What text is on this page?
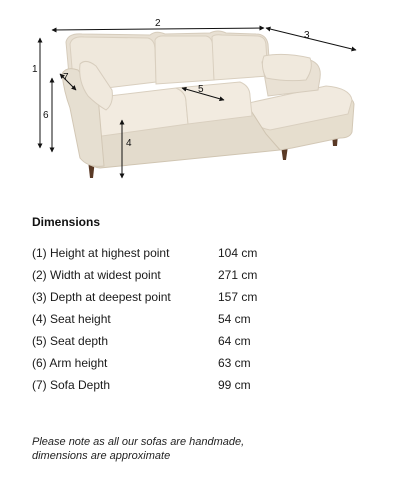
1
2
3
4
5
6
7
Dimensions
(1) Height at highest point	104 cm
(2) Width at widest point	271 cm
(3) Depth at deepest point	157 cm
(4) Seat height	54 cm
(5) Seat depth	64 cm
(6) Arm height	63 cm
(7) Sofa Depth	99 cm
Please note as all our sofas are handmade,
dimensions are approximate
